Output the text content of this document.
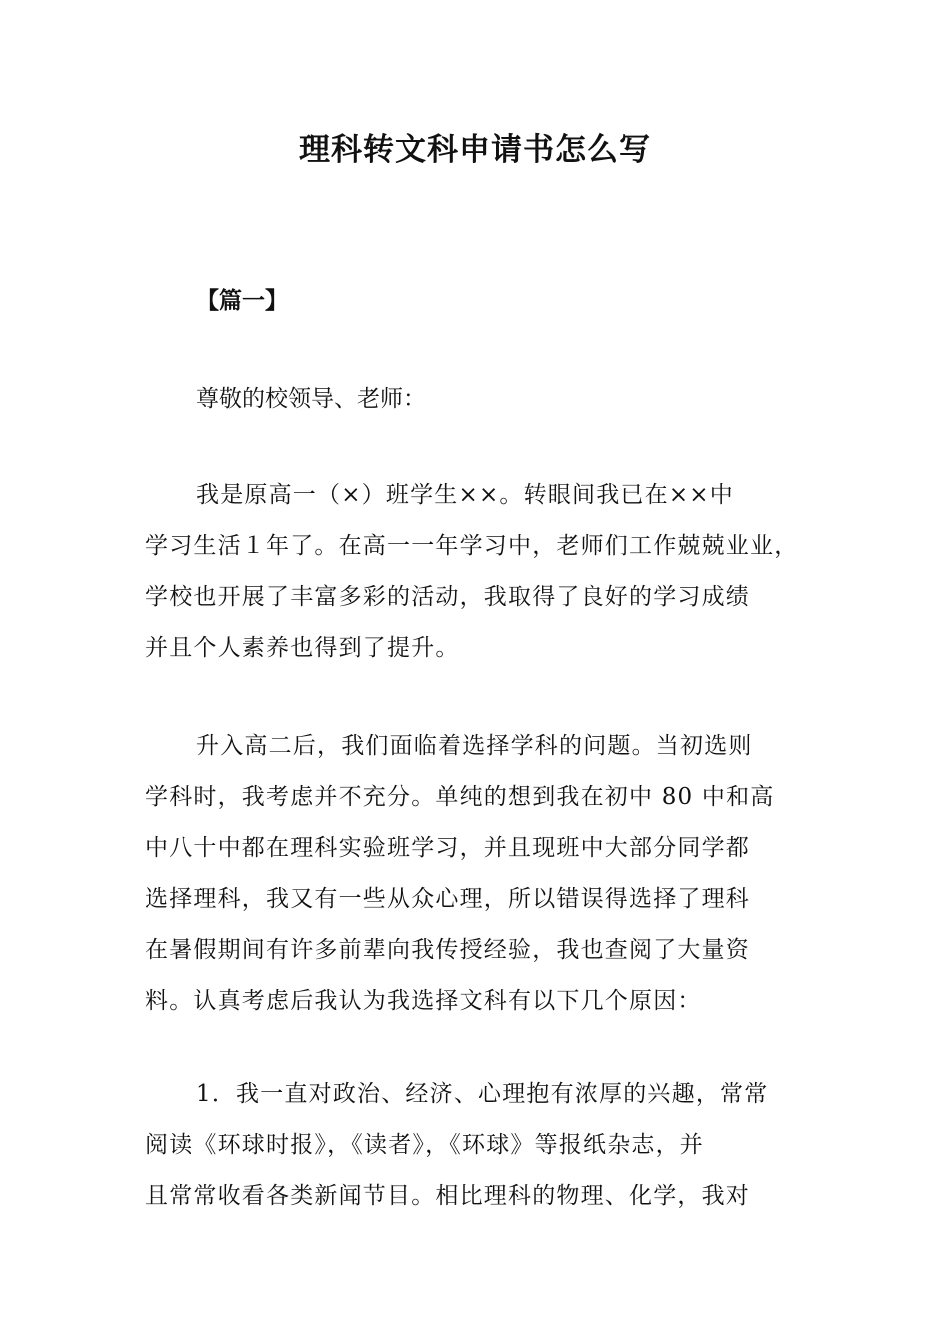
理科转文科申请书怎么写
【篇一】
尊敬的校领导、老师：
我是原高一（×）班学生××。转眼间我已在××中
学习生活１年了。在高一一年学习中，老师们工作兢兢业业，
学校也开展了丰富多彩的活动，我取得了良好的学习成绩
并且个人素养也得到了提升。
升入高二后，我们面临着选择学科的问题。当初选则
学科时，我考虑并不充分。单纯的想到我在初中 80 中和高
中八十中都在理科实验班学习，并且现班中大部分同学都
选择理科，我又有一些从众心理，所以错误得选择了理科
在暑假期间有许多前辈向我传授经验，我也查阅了大量资
料。认真考虑后我认为我选择文科有以下几个原因：
1．我一直对政治、经济、心理抱有浓厚的兴趣，常常
阅读《环球时报》，《读者》，《环球》等报纸杂志，并
且常常收看各类新闻节目。相比理科的物理、化学，我对
